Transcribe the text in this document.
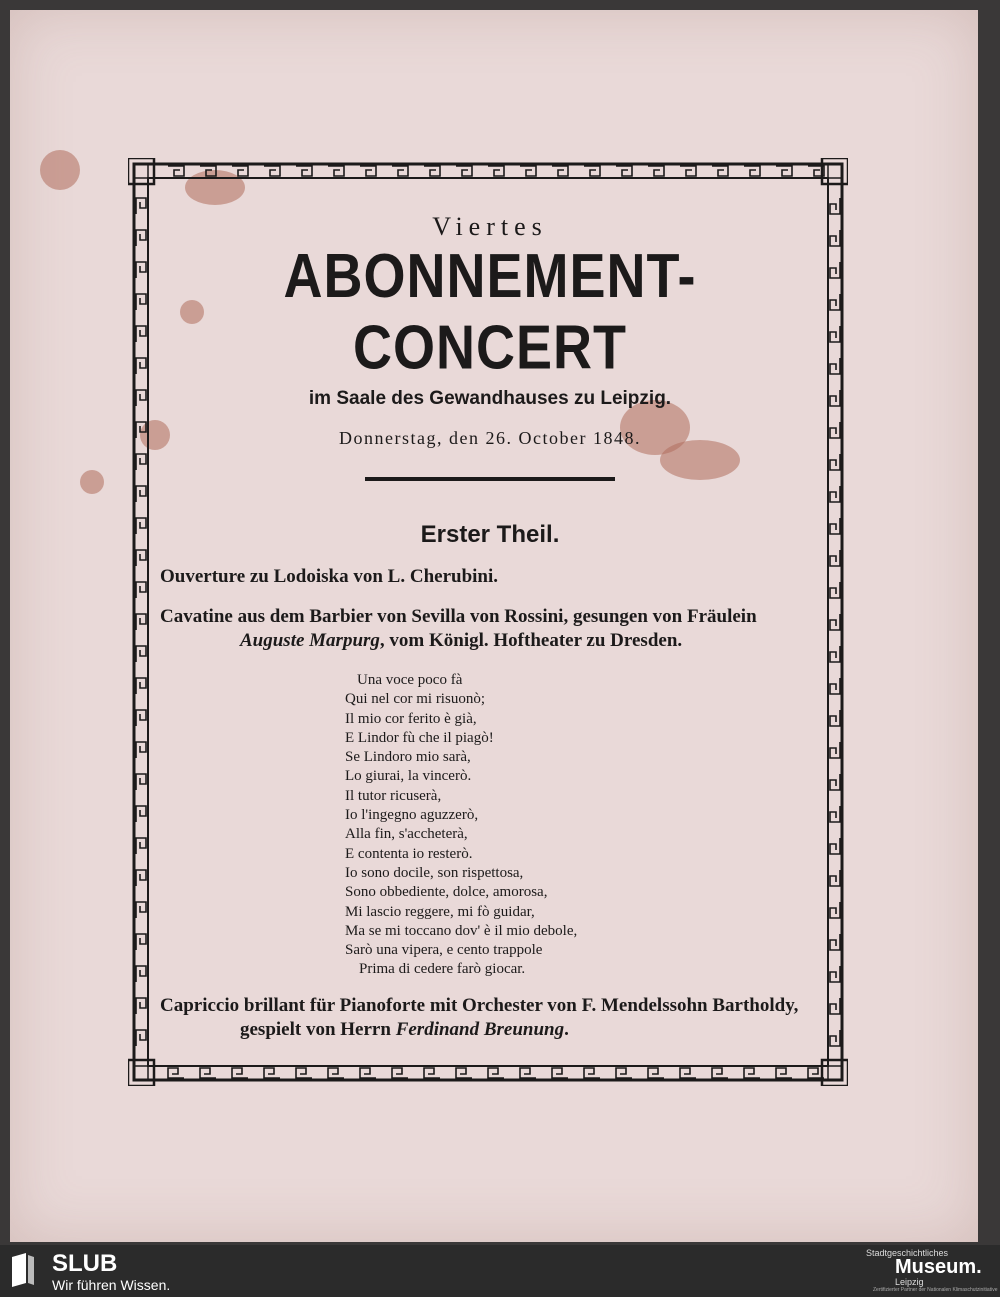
Viertes
ABONNEMENT-CONCERT
im Saale des Gewandhauses zu Leipzig.
Donnerstag, den 26. October 1848.
Erster Theil.
Ouverture zu Lodoiska von L. Cherubini.
Cavatine aus dem Barbier von Sevilla von Rossini, gesungen von Fräulein Auguste Marpurg, vom Königl. Hoftheater zu Dresden.
Una voce poco fà
Qui nel cor mi risuonò;
Il mio cor ferito è già,
E Lindor fù che il piagò!
Se Lindoro mio sarà,
Lo giurai, la vincerò.
Il tutor ricuserà,
Io l'ingegno aguzzerò,
Alla fin, s'accheterà,
E contenta io resterò.
Io sono docile, son rispettosa,
Sono obbediente, dolce, amorosa,
Mi lascio reggere, mi fò guidar,
Ma se mi toccano dov' è il mio debole,
Sarò una vipera, e cento trappole
Prima di cedere farò giocar.
Capriccio brillant für Pianoforte mit Orchester von F. Mendelssohn Bartholdy, gespielt von Herrn Ferdinand Breunung.
SLUB
Wir führen Wissen.
Stadtgeschichtliches
Museum.
Leipzig
Zertifizierter Partner der Nationalen Klimaschutzinitiative
